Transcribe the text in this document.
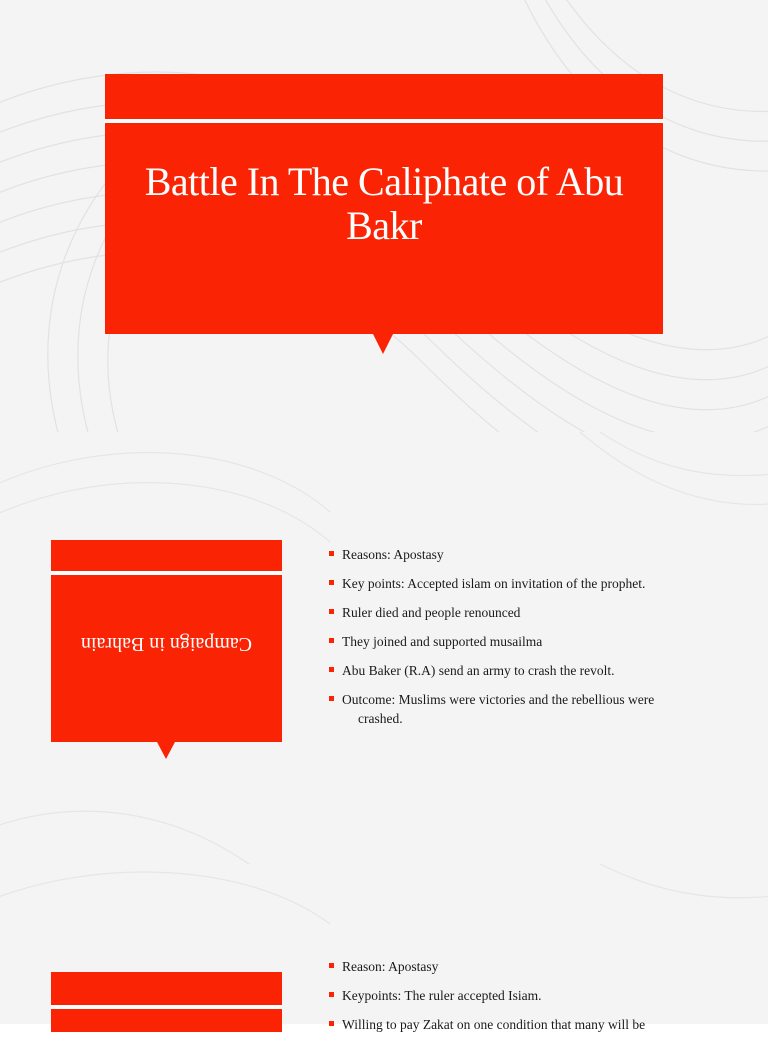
Battle In The Caliphate of Abu Bakr
Campaign in Bahrain
Reasons: Apostasy
Key points: Accepted islam on invitation of the prophet.
Ruler died and people renounced
They joined and supported musailma
Abu Baker (R.A) send an army to crash the revolt.
Outcome: Muslims were victories and the rebellious were
crashed.
Reason: Apostasy
Keypoints: The ruler accepted Isiam.
Willing to pay Zakat on one condition that many will be
